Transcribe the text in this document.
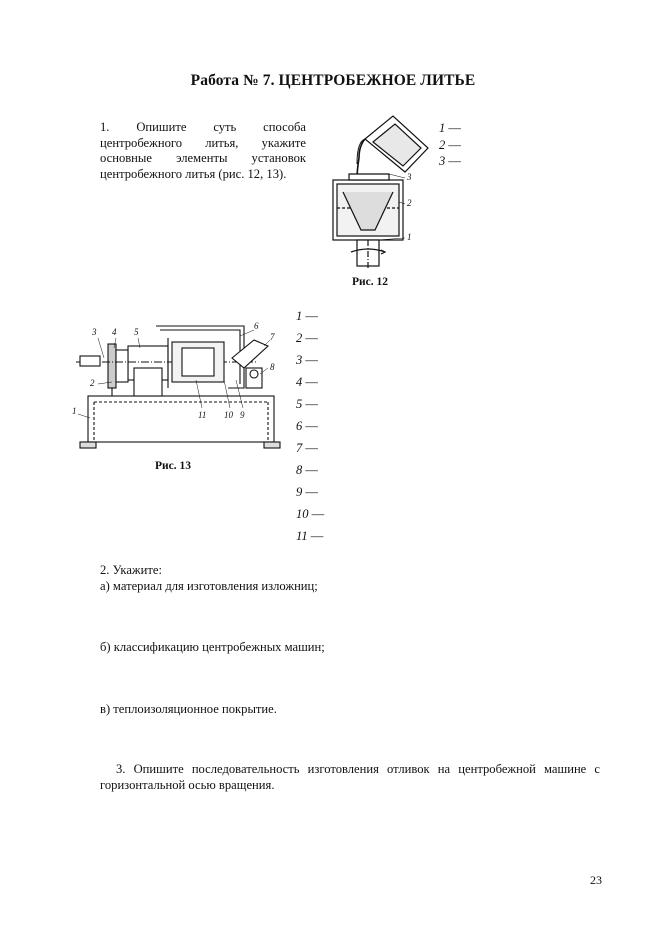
Работа № 7. ЦЕНТРОБЕЖНОЕ ЛИТЬЕ
1. Опишите суть способа центробежного литья, укажите основные элементы установок центробежного литья (рис. 12, 13).	3
2
1
Рис. 12
1 —
2 —
3 —
3 4 5
6
7
8
9
10
11
2
1
Рис. 13
1 —
2 —
3 —
4 —
5 —
6 —
7 —
8 —
9 —
10 —
11 —
2. Укажите:
а) материал для изготовления изложниц;
б) классификацию центробежных машин;
в) теплоизоляционное покрытие.
3. Опишите последовательность изготовления отливок на центробежной машине с горизонтальной осью вращения.
23
